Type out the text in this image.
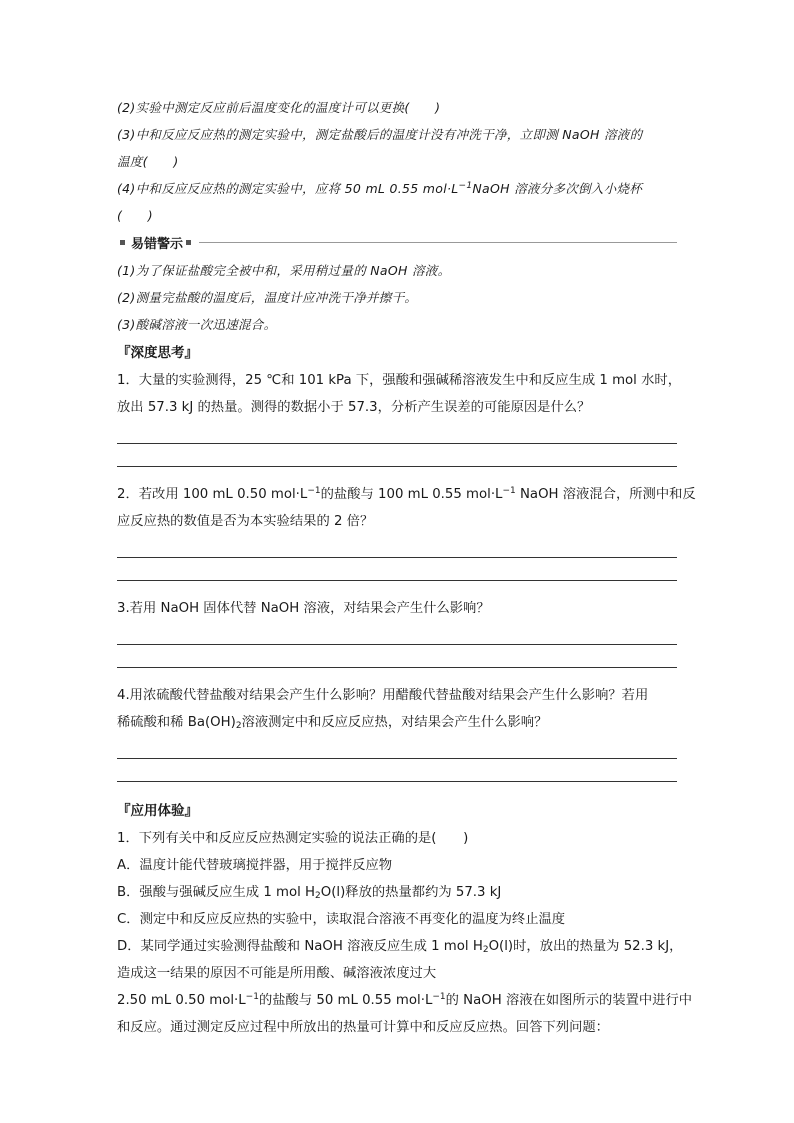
(2)实验中测定反应前后温度变化的温度计可以更换(　　)

(3)中和反应反应热的测定实验中，测定盐酸后的温度计没有冲洗干净，立即测 NaOH 溶液的

温度(　　)

(4)中和反应反应热的测定实验中，应将 50 mL 0.55 $mol\cdot L^{-1}NaOH$ 溶液分多次倒入小烧杯

(　　)

易错警示

(1)为了保证盐酸完全被中和，采用稍过量的 NaOH 溶液。

(2)测量完盐酸的温度后，温度计应冲洗干净并擦干。

(3)酸碱溶液一次迅速混合。

『深度思考』

1．大量的实验测得，25 ℃和 101 kPa 下，强酸和强碱稀溶液发生中和反应生成 1 mol 水时，

放出 57.3 kJ 的热量。测得的数据小于 57.3，分析产生误差的可能原因是什么？

2．若改用 100 mL 0.50 $mol\cdot L^{-1}$的盐酸与 100 mL 0.55 $mol\cdot L^{-1}$ NaOH 溶液混合，所测中和反

应反应热的数值是否为本实验结果的 2 倍？

3.若用 NaOH 固体代替 NaOH 溶液，对结果会产生什么影响？

4.用浓硫酸代替盐酸对结果会产生什么影响？用醋酸代替盐酸对结果会产生什么影响？若用

稀硫酸和稀 $Ba(OH)_2$溶液测定中和反应反应热，对结果会产生什么影响？

『应用体验』

1．下列有关中和反应反应热测定实验的说法正确的是(　　)

A．温度计能代替玻璃搅拌器，用于搅拌反应物

B．强酸与强碱反应生成 1 mol $H_2O(l)$释放的热量都约为 57.3 kJ

C．测定中和反应反应热的实验中，读取混合溶液不再变化的温度为终止温度

D．某同学通过实验测得盐酸和 NaOH 溶液反应生成 1 mol $H_2O(l)$时，放出的热量为 52.3 kJ，

造成这一结果的原因不可能是所用酸、碱溶液浓度过大

2.50 mL 0.50 $mol\cdot L^{-1}$的盐酸与 50 mL 0.55 $mol\cdot L^{-1}$的 NaOH 溶液在如图所示的装置中进行中

和反应。通过测定反应过程中所放出的热量可计算中和反应反应热。回答下列问题：
